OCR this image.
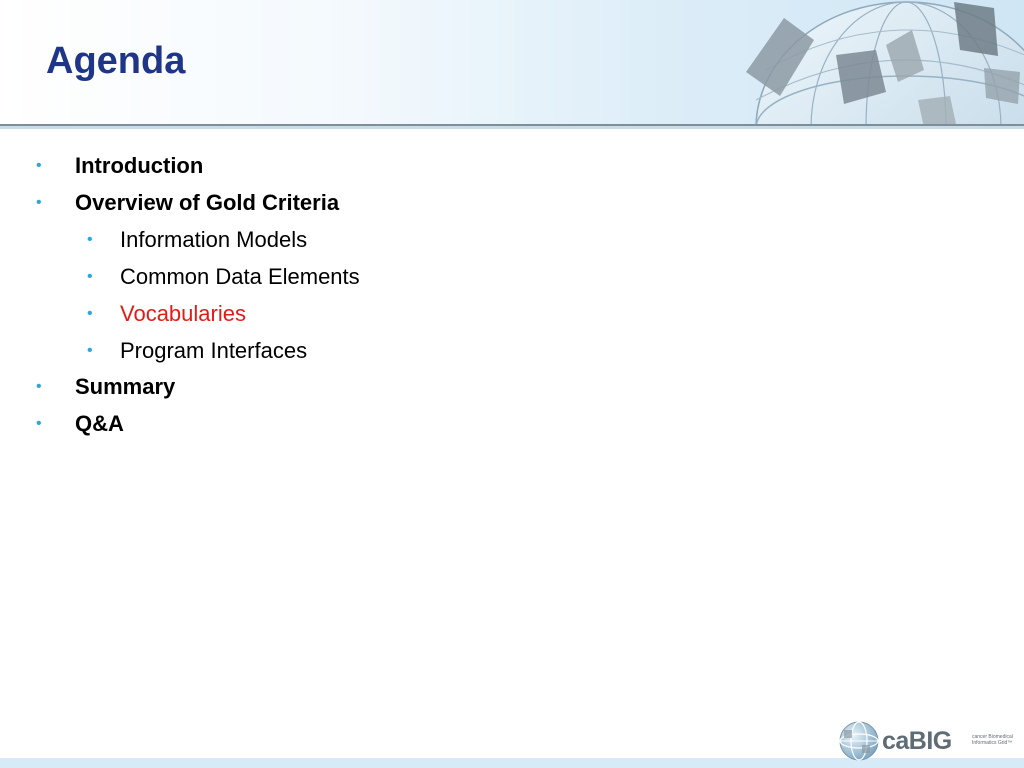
Agenda
• Introduction
• Overview of Gold Criteria
• Information Models
• Common Data Elements
• Vocabularies
• Program Interfaces
• Summary
• Q&A
caBIG	cancer Biomedical
Informatics Grid™
